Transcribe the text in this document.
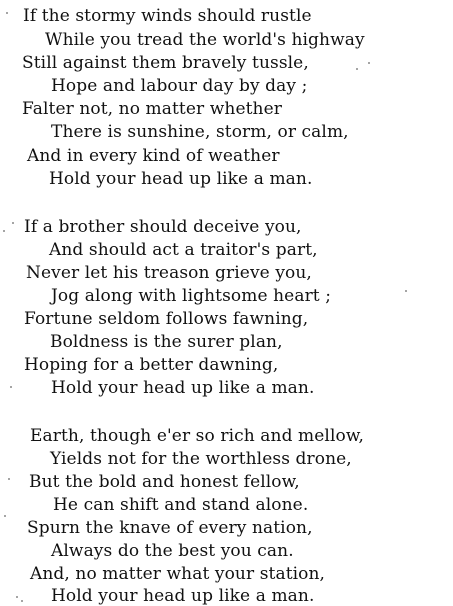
If the stormy winds should rustle
While you tread the world's highway
Still against them bravely tussle,
Hope and labour day by day ;
Falter not, no matter whether
There is sunshine, storm, or calm,
And in every kind of weather
Hold your head up like a man.
If a brother should deceive you,
And should act a traitor's part,
Never let his treason grieve you,
Jog along with lightsome heart ;
Fortune seldom follows fawning,
Boldness is the surer plan,
Hoping for a better dawning,
Hold your head up like a man.
Earth, though e'er so rich and mellow,
Yields not for the worthless drone,
But the bold and honest fellow,
He can shift and stand alone.
Spurn the knave of every nation,
Always do the best you can.
And, no matter what your station,
Hold your head up like a man.
